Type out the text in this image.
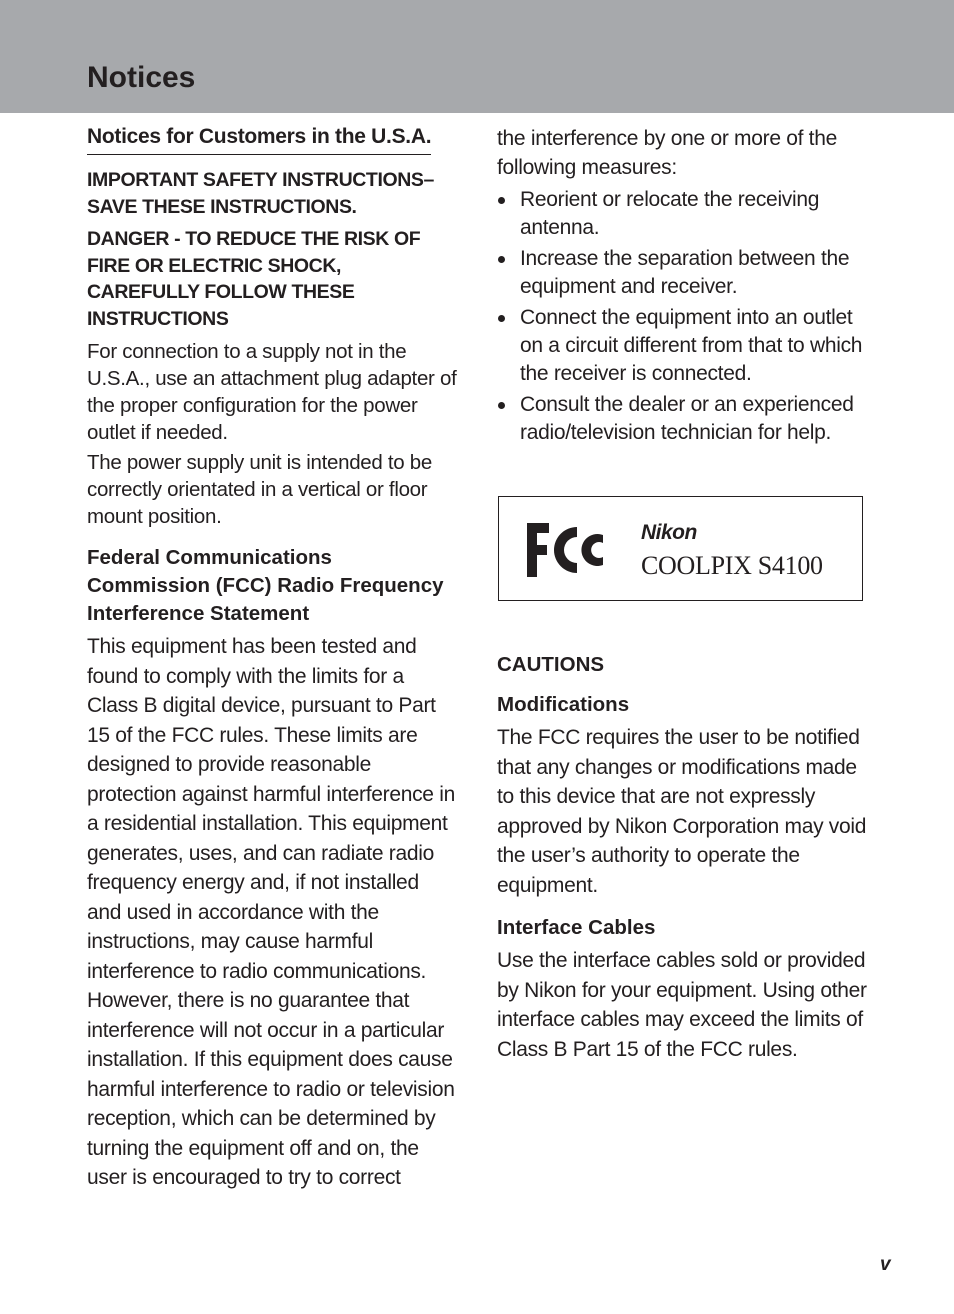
Notices
Notices for Customers in the U.S.A.
IMPORTANT SAFETY INSTRUCTIONS– SAVE THESE INSTRUCTIONS.
DANGER - TO REDUCE THE RISK OF FIRE OR ELECTRIC SHOCK, CAREFULLY FOLLOW THESE INSTRUCTIONS

For connection to a supply not in the U.S.A., use an attachment plug adapter of the proper configuration for the power outlet if needed.

The power supply unit is intended to be correctly orientated in a vertical or floor mount position.

Federal Communications Commission (FCC) Radio Frequency Interference Statement

This equipment has been tested and found to comply with the limits for a Class B digital device, pursuant to Part 15 of the FCC rules. These limits are designed to provide reasonable protection against harmful interference in a residential installation. This equipment generates, uses, and can radiate radio frequency energy and, if not installed and used in accordance with the instructions, may cause harmful interference to radio communications. However, there is no guarantee that interference will not occur in a particular installation. If this equipment does cause harmful interference to radio or television reception, which can be determined by turning the equipment off and on, the user is encouraged to try to correct

the interference by one or more of the following measures:

Reorient or relocate the receiving antenna.
Increase the separation between the equipment and receiver.
Connect the equipment into an outlet on a circuit different from that to which the receiver is connected.
Consult the dealer or an experienced radio/television technician for help.
Nikon
COOLPIX S4100
CAUTIONS
Modifications

The FCC requires the user to be notified that any changes or modifications made to this device that are not expressly approved by Nikon Corporation may void the user’s authority to operate the equipment.

Interface Cables

Use the interface cables sold or provided by Nikon for your equipment. Using other interface cables may exceed the limits of Class B Part 15 of the FCC rules.

v
